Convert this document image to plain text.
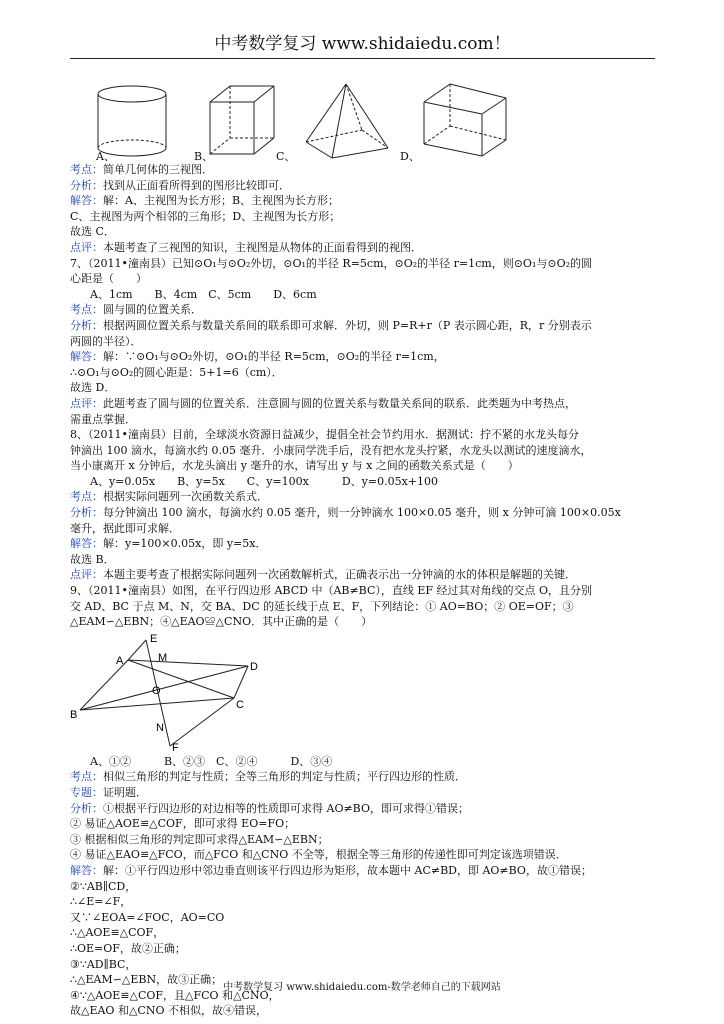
中考数学复习 www.shidaiedu.com！
A、	B、	C、	D、
考点：简单几何体的三视图．
分析：找到从正面看所得到的图形比较即可．
解答：解：A、主视图为长方形；B、主视图为长方形；
C、主视图为两个相邻的三角形；D、主视图为长方形；
故选 C．
点评：本题考查了三视图的知识，主视图是从物体的正面看得到的视图．
7、（2011•潼南县）已知⊙O₁与⊙O₂外切，⊙O₁的半径 R=5cm，⊙O₂的半径 r=1cm，则⊙O₁与⊙O₂的圆
心距是（　　）
A、1cm　　B、4cm　C、5cm　　D、6cm
考点：圆与圆的位置关系．
分析：根据两圆位置关系与数量关系间的联系即可求解．外切，则 P=R+r（P 表示圆心距，R，r 分别表示
两圆的半径）．
解答：解：∵⊙O₁与⊙O₂外切，⊙O₁的半径 R=5cm，⊙O₂的半径 r=1cm，
∴⊙O₁与⊙O₂的圆心距是：5+1=6（cm）．
故选 D．
点评：此题考查了圆与圆的位置关系．注意圆与圆的位置关系与数量关系间的联系．此类题为中考热点，
需重点掌握．
8、（2011•潼南县）目前，全球淡水资源日益减少，提倡全社会节约用水．据测试：拧不紧的水龙头每分
钟滴出 100 滴水，每滴水约 0.05 毫升．小康同学洗手后，没有把水龙头拧紧，水龙头以测试的速度滴水，
当小康离开 x 分钟后，水龙头滴出 y 毫升的水，请写出 y 与 x 之间的函数关系式是（　　）
A、y=0.05x　　B、y=5x　　C、y=100x　　　D、y=0.05x+100
考点：根据实际问题列一次函数关系式．
分析：每分钟滴出 100 滴水，每滴水约 0.05 毫升，则一分钟滴水 100×0.05 毫升，则 x 分钟可滴 100×0.05x
毫升，据此即可求解．
解答：解：y=100×0.05x，即 y=5x．
故选 B．
点评：本题主要考查了根据实际问题列一次函数解析式，正确表示出一分钟滴的水的体积是解题的关键．
9、（2011•潼南县）如图，在平行四边形 ABCD 中（AB≠BC），直线 EF 经过其对角线的交点 O，且分别
交 AD、BC 于点 M、N，交 BA、DC 的延长线于点 E、F，下列结论：① AO=BO；② OE=OF；③
△EAM∽△EBN；④△EAO≌△CNO．其中正确的是（　　）
A
B
C
D
E
F
M
N
O
A、①②　　　B、②③　C、②④　　　D、③④
考点：相似三角形的判定与性质；全等三角形的判定与性质；平行四边形的性质．
专题：证明题．
分析：①根据平行四边形的对边相等的性质即可求得 AO≠BO，即可求得①错误；
② 易证△AOE≌△COF，即可求得 EO=FO；
③ 根据相似三角形的判定即可求得△EAM∽△EBN；
④ 易证△EAO≌△FCO，而△FCO 和△CNO 不全等，根据全等三角形的传递性即可判定该选项错误．
解答：解：①平行四边形中邻边垂直则该平行四边形为矩形，故本题中 AC≠BD，即 AO≠BO，故①错误；
②∵AB∥CD，
∴∠E=∠F，
又∵∠EOA=∠FOC，AO=CO
∴△AOE≌△COF，
∴OE=OF，故②正确；
③∵AD∥BC，
∴△EAM∽△EBN，故③正确；
④∵△AOE≌△COF，且△FCO 和△CNO，
故△EAO 和△CNO 不相似，故④错误，
中考数学复习 www.shidaiedu.com-数学老师自己的下载网站
